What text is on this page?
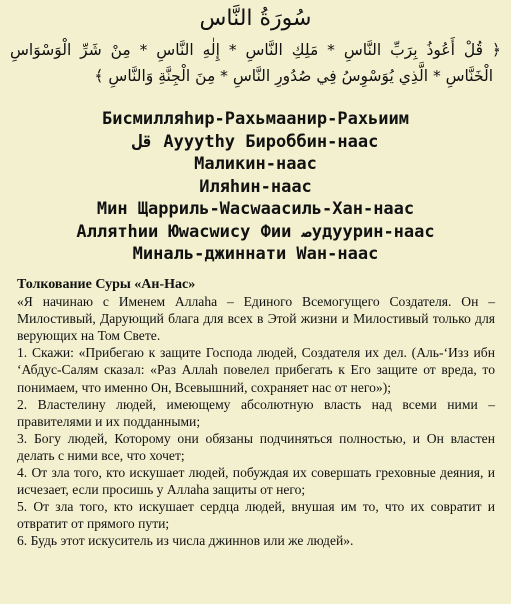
سُورَةُ النَّاس
﴿ قُلْ أَعُوذُ بِرَبِّ النَّاسِ * مَلِكِ النَّاسِ * إِلٰهِ النَّاسِ * مِنْ شَرِّ الْوَسْوَاسِ
الْخَنَّاسِ * الَّذِي يُوَسْوِسُ فِي صُدُورِ النَّاسِ * مِنَ الْجِنَّةِ وَالنَّاسِ ﴾
Бисмилляhир-Рахьмаанир-Рахьиим
ﻗﻞ Ауууthy Бироббин-наас
Маликин-наас
Иляhин-наас
Мин Щарриль-Wасwаасиль-Хан-наас
Аллятhии Юwасwису Фии ﺻудуурин-наас
Миналь-джиннати Wан-наас

Толкование Суры «Ан-Нас»

«Я начинаю с Именем Аллаhа – Единого Всемогущего Создателя. Он – Милостивый, Дарующий блага для всех в Этой жизни и Милостивый только для верующих на Том Свете.

1. Скажи: «Прибегаю к защите Господа людей, Создателя их дел. (Аль-‘Изз ибн ‘Абдус-Салям сказал: «Раз Аллаh повелел прибегать к Его защите от вреда, то понимаем, что именно Он, Всевышний, сохраняет нас от него»);

2. Властелину людей, имеющему абсолютную власть над всеми ними – правителями и их подданными;

3. Богу людей, Которому они обязаны подчиняться полностью, и Он властен делать с ними все, что хочет;

4. От зла того, кто искушает людей, побуждая их совершать греховные деяния, и исчезает, если просишь у Аллаhа защиты от него;

5. От зла того, кто искушает сердца людей, внушая им то, что их совратит и отвратит от прямого пути;

6. Будь этот искуситель из числа джиннов или же людей».
